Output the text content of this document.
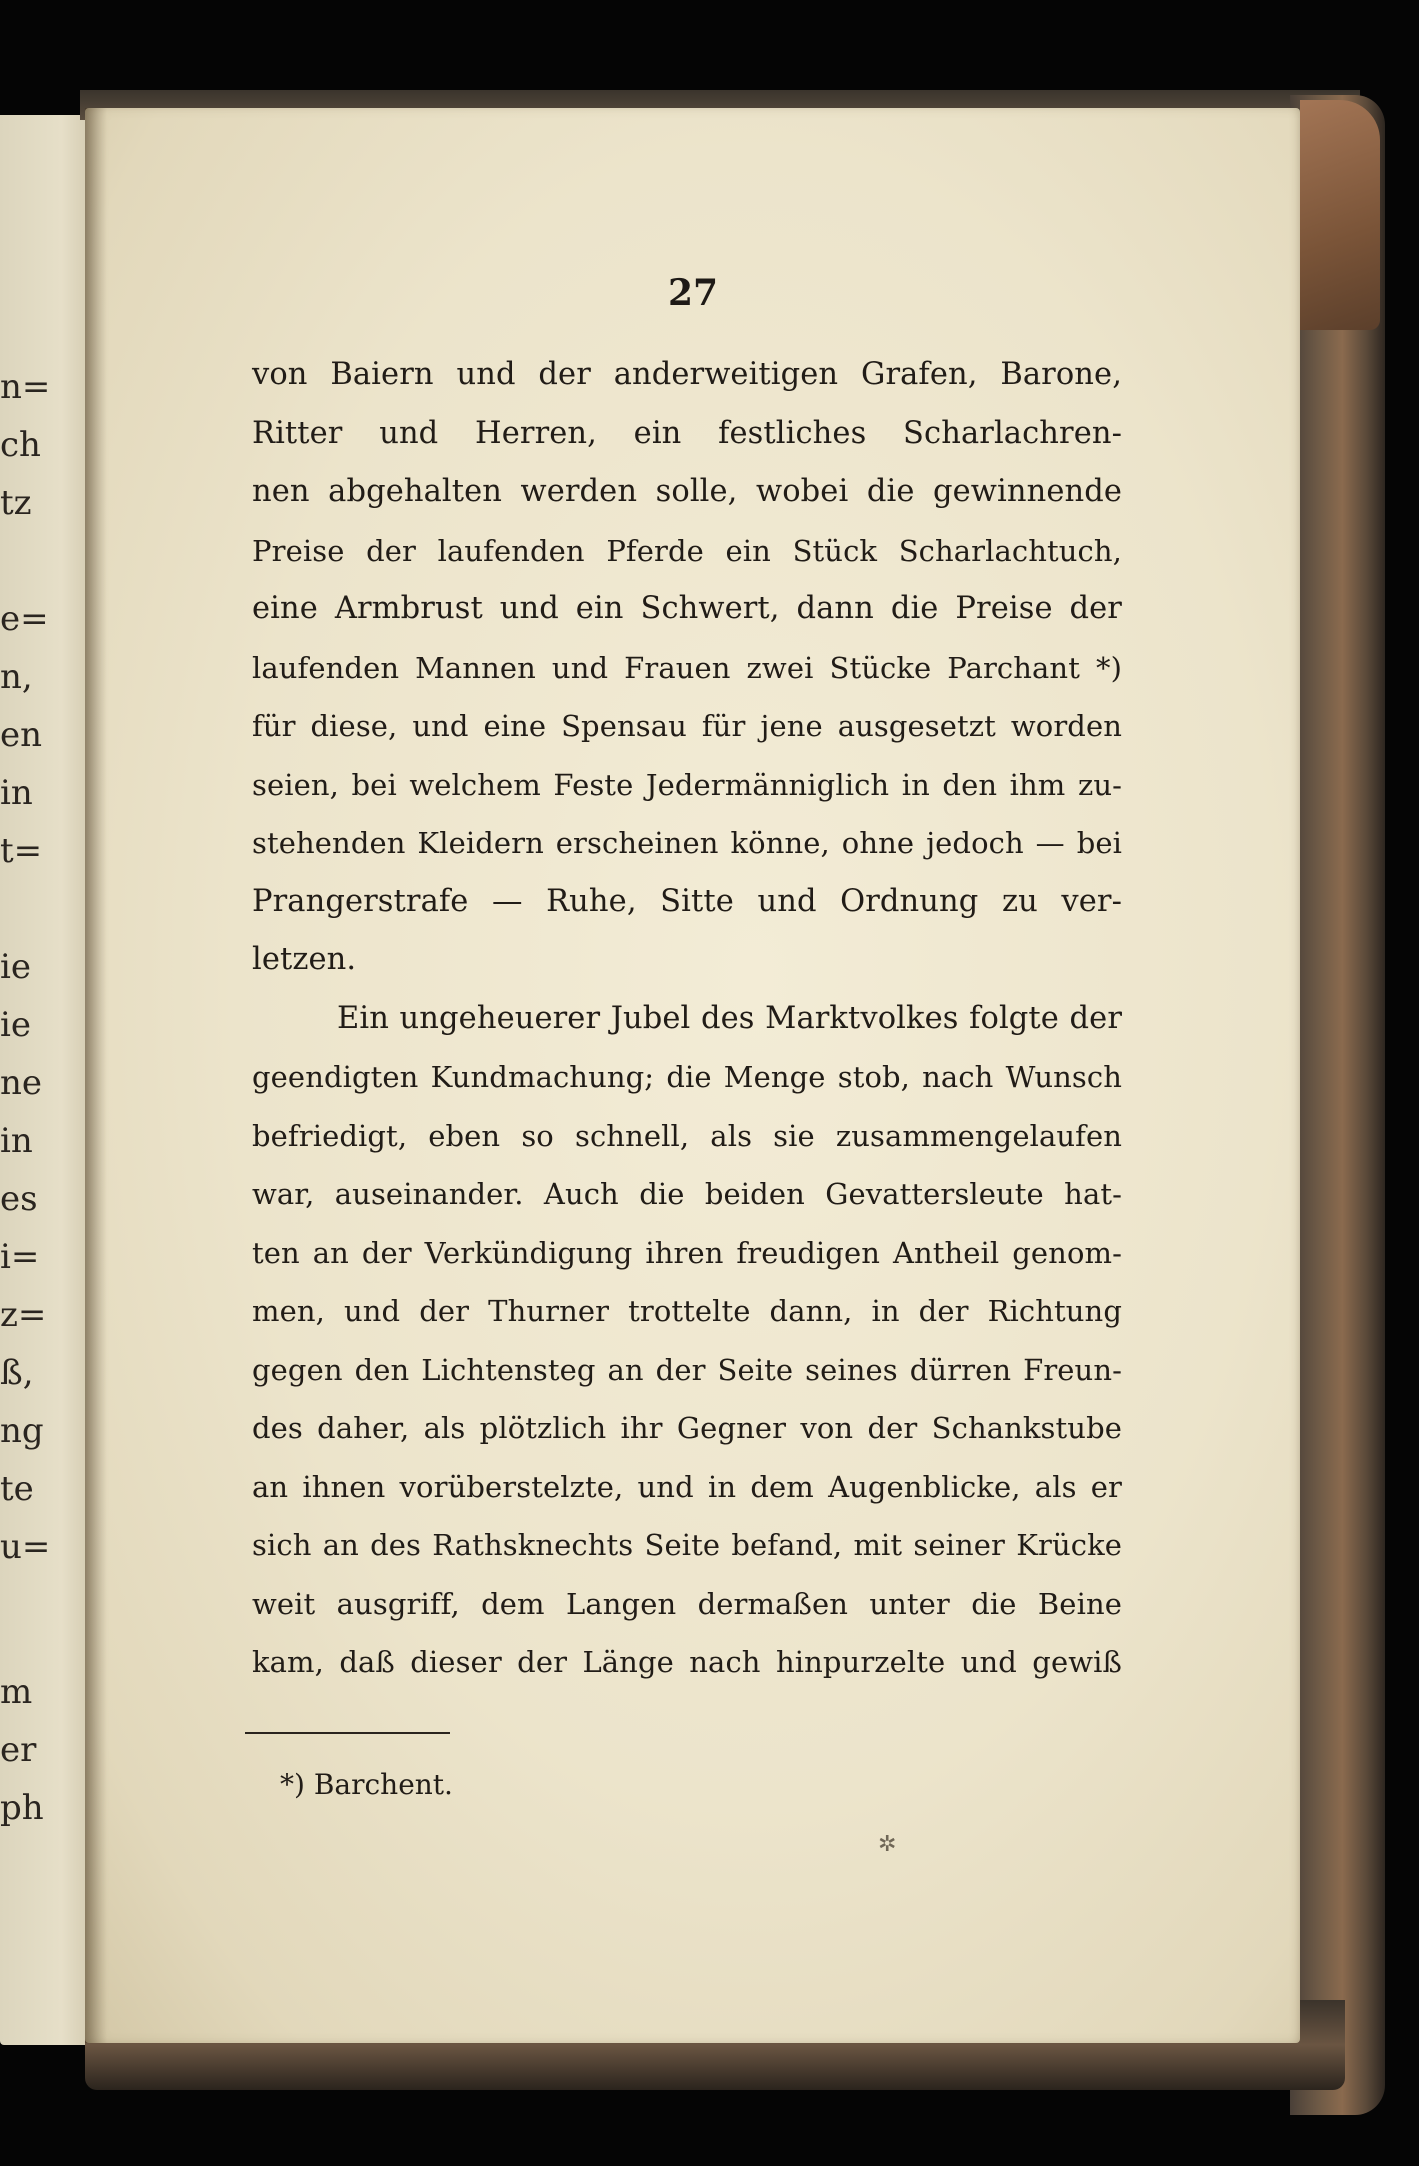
n=
ch
tz
e=
n,
en
in
t=
ie
ie
ne
in
es
i=
z=
ß,
ng
te
u=
m
er
ph
27
von Baiern und der anderweitigen Grafen, Barone,
Ritter und Herren, ein festliches Scharlachren-
nen abgehalten werden solle, wobei die gewinnende
Preise der laufenden Pferde ein Stück Scharlachtuch,
eine Armbrust und ein Schwert, dann die Preise der
laufenden Mannen und Frauen zwei Stücke Parchant *)
für diese, und eine Spensau für jene ausgesetzt worden
seien, bei welchem Feste Jedermänniglich in den ihm zu-
stehenden Kleidern erscheinen könne, ohne jedoch — bei
Prangerstrafe — Ruhe, Sitte und Ordnung zu ver-
letzen.
Ein ungeheuerer Jubel des Marktvolkes folgte der
geendigten Kundmachung; die Menge stob, nach Wunsch
befriedigt, eben so schnell, als sie zusammengelaufen
war, auseinander. Auch die beiden Gevattersleute hat-
ten an der Verkündigung ihren freudigen Antheil genom-
men, und der Thurner trottelte dann, in der Richtung
gegen den Lichtensteg an der Seite seines dürren Freun-
des daher, als plötzlich ihr Gegner von der Schankstube
an ihnen vorüberstelzte, und in dem Augenblicke, als er
sich an des Rathsknechts Seite befand, mit seiner Krücke
weit ausgriff, dem Langen dermaßen unter die Beine
kam, daß dieser der Länge nach hinpurzelte und gewiß
*) Barchent.
✲
